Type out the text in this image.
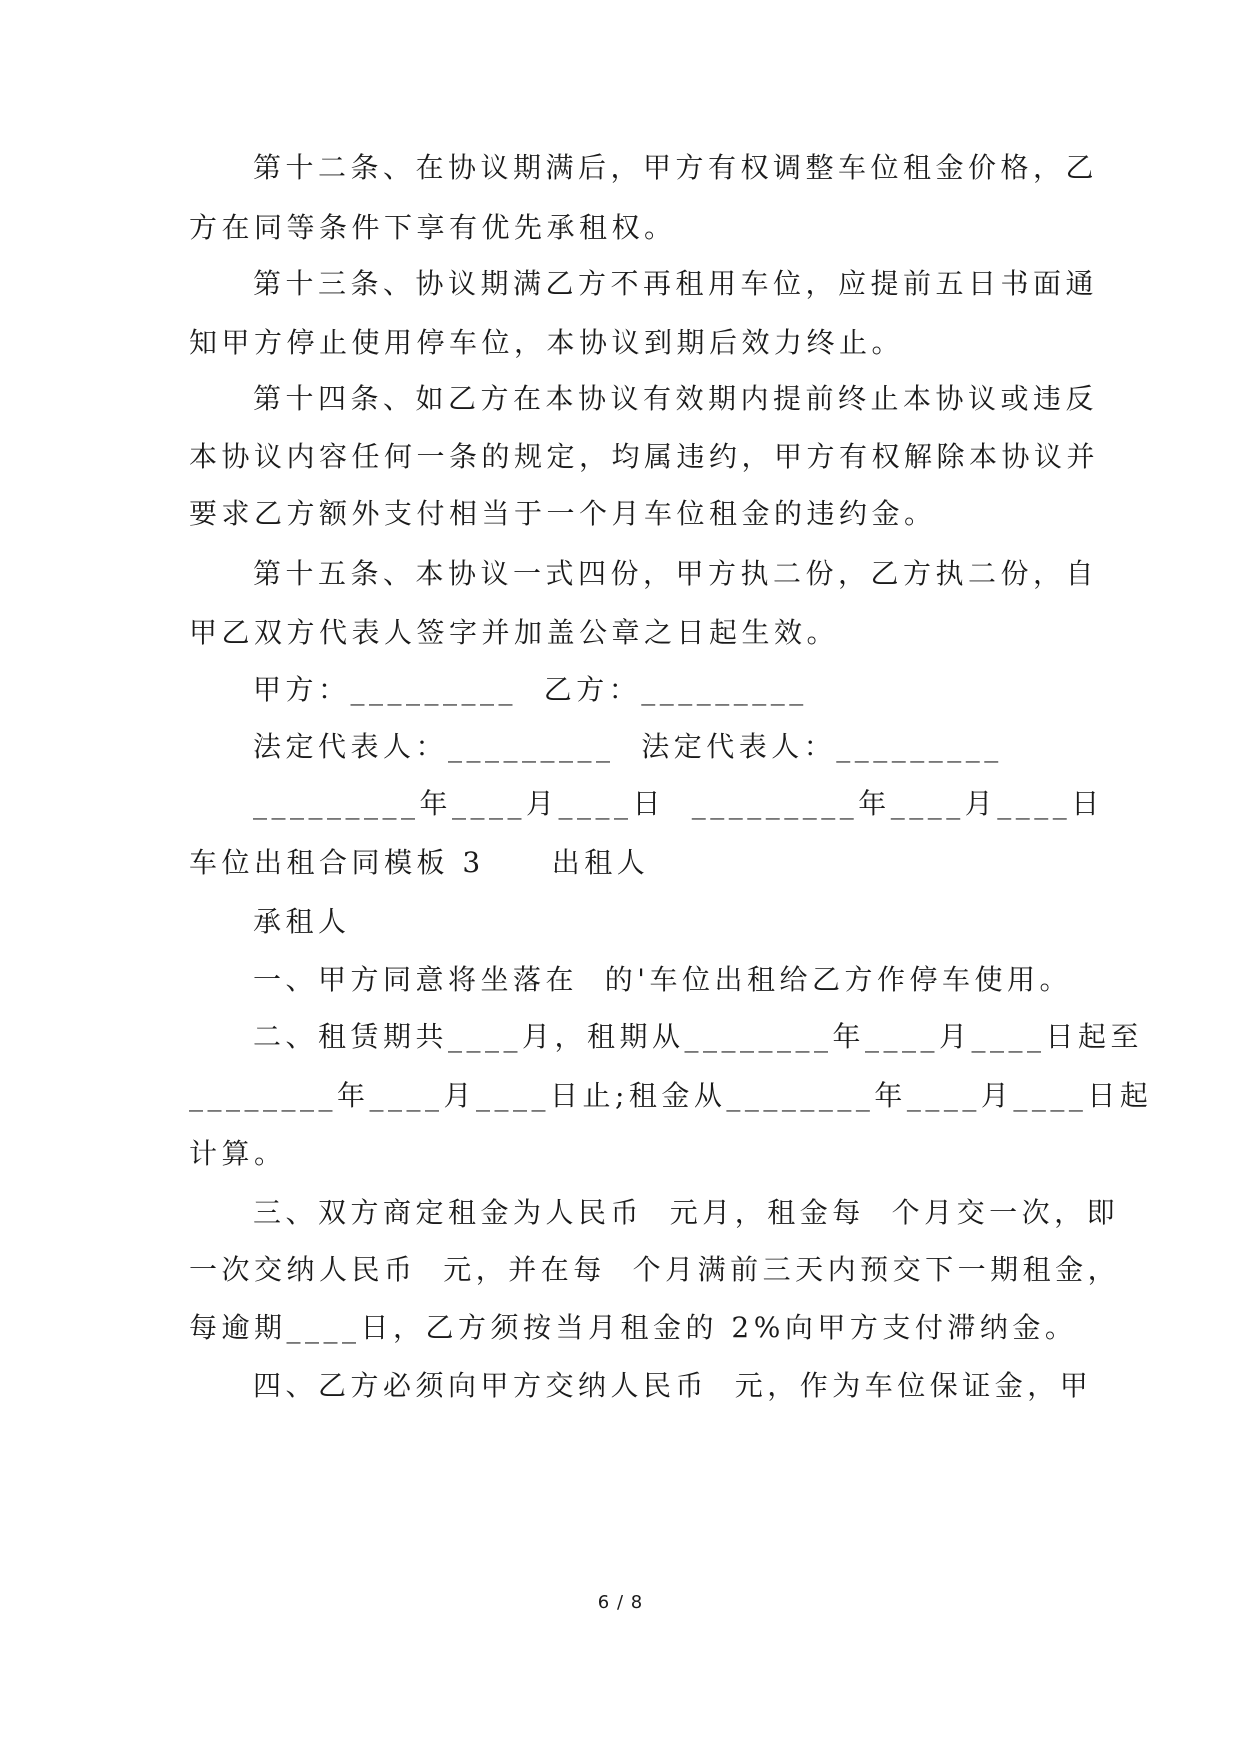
第十二条、在协议期满后，甲方有权调整车位租金价格，乙
方在同等条件下享有优先承租权。
第十三条、协议期满乙方不再租用车位，应提前五日书面通
知甲方停止使用停车位，本协议到期后效力终止。
第十四条、如乙方在本协议有效期内提前终止本协议或违反
本协议内容任何一条的规定，均属违约，甲方有权解除本协议并
要求乙方额外支付相当于一个月车位租金的违约金。
第十五条、本协议一式四份，甲方执二份，乙方执二份，自
甲乙双方代表人签字并加盖公章之日起生效。
甲方：_________  乙方：_________
法定代表人：_________  法定代表人：_________
_________年____月____日  _________年____月____日
车位出租合同模板 3     出租人
承租人
一、甲方同意将坐落在  的'车位出租给乙方作停车使用。
二、租赁期共____月，租期从________年____月____日起至
________年____月____日止;租金从________年____月____日起
计算。
三、双方商定租金为人民币  元月，租金每  个月交一次，即
一次交纳人民币  元，并在每  个月满前三天内预交下一期租金，
每逾期____日，乙方须按当月租金的 2%向甲方支付滞纳金。
四、乙方必须向甲方交纳人民币  元，作为车位保证金，甲
6 / 8
